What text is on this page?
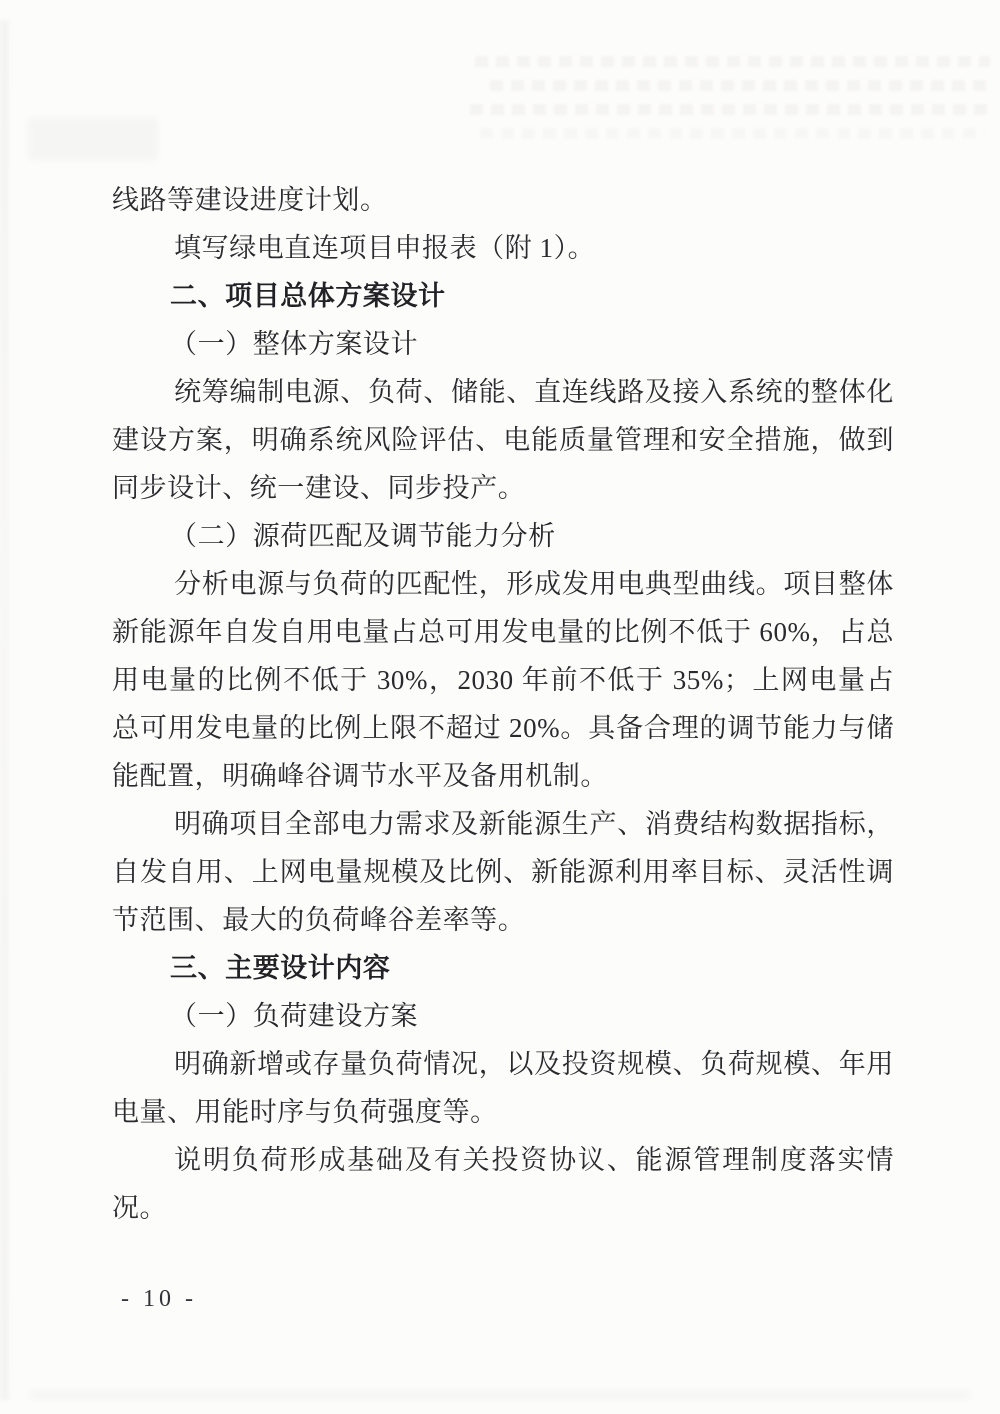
线路等建设进度计划。

填写绿电直连项目申报表（附 1）。

二、项目总体方案设计

（一）整体方案设计

统筹编制电源、负荷、储能、直连线路及接入系统的整体化建设方案，明确系统风险评估、电能质量管理和安全措施，做到同步设计、统一建设、同步投产。

（二）源荷匹配及调节能力分析

分析电源与负荷的匹配性，形成发用电典型曲线。项目整体新能源年自发自用电量占总可用发电量的比例不低于 60%，占总用电量的比例不低于 30%，2030 年前不低于 35%；上网电量占总可用发电量的比例上限不超过 20%。具备合理的调节能力与储能配置，明确峰谷调节水平及备用机制。

明确项目全部电力需求及新能源生产、消费结构数据指标，自发自用、上网电量规模及比例、新能源利用率目标、灵活性调节范围、最大的负荷峰谷差率等。

三、主要设计内容

（一）负荷建设方案

明确新增或存量负荷情况，以及投资规模、负荷规模、年用电量、用能时序与负荷强度等。

说明负荷形成基础及有关投资协议、能源管理制度落实情况。

- 10 -
